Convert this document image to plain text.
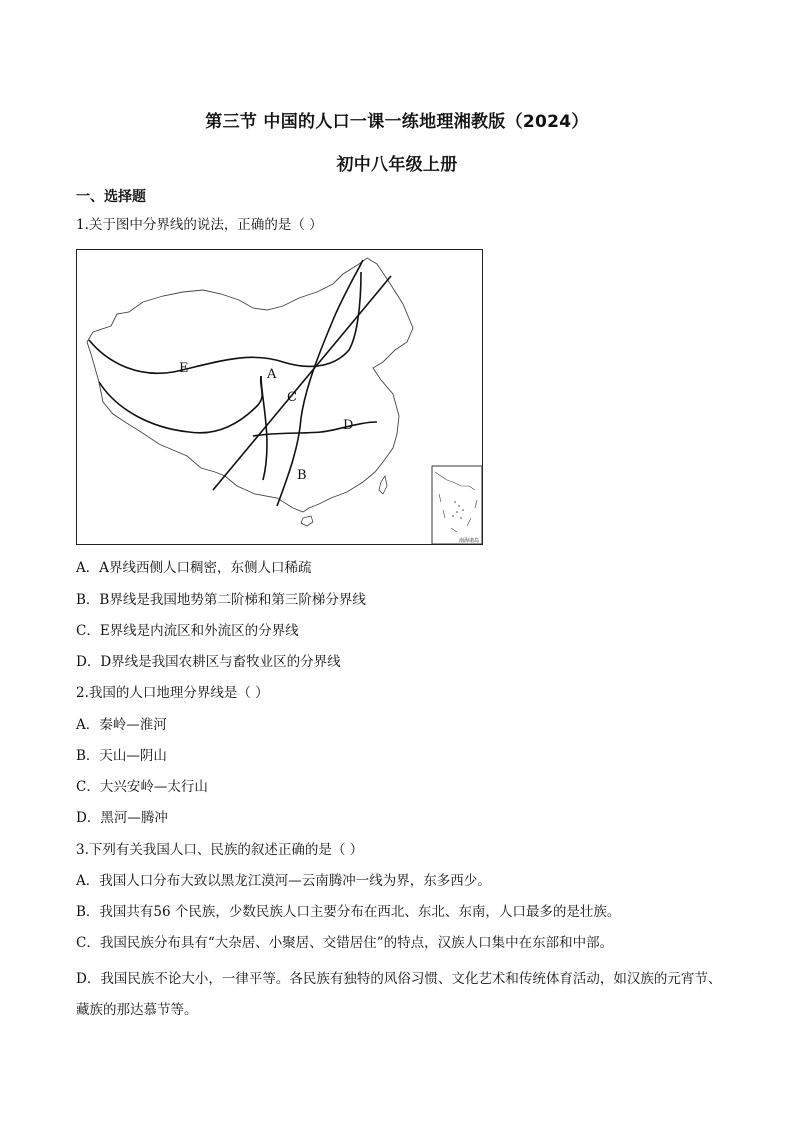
第三节 中国的人口一课一练地理湘教版（2024）
初中八年级上册
一、选择题
1.关于图中分界线的说法，正确的是（ ）
E	A
C
D
B
南海诸岛
A．A界线西侧人口稠密，东侧人口稀疏
B．B界线是我国地势第二阶梯和第三阶梯分界线
C．E界线是内流区和外流区的分界线
D．D界线是我国农耕区与畜牧业区的分界线
2.我国的人口地理分界线是（ ）
A．秦岭—淮河
B．天山—阴山
C．大兴安岭—太行山
D．黑河—腾冲
3.下列有关我国人口、民族的叙述正确的是（ ）
A．我国人口分布大致以黑龙江漠河—云南腾冲一线为界，东多西少。
B．我国共有56 个民族，少数民族人口主要分布在西北、东北、东南，人口最多的是壮族。
C．我国民族分布具有“大杂居、小聚居、交错居住”的特点，汉族人口集中在东部和中部。
D．我国民族不论大小，一律平等。各民族有独特的风俗习惯、文化艺术和传统体育活动，如汉族的元宵节、藏族的那达慕节等。
